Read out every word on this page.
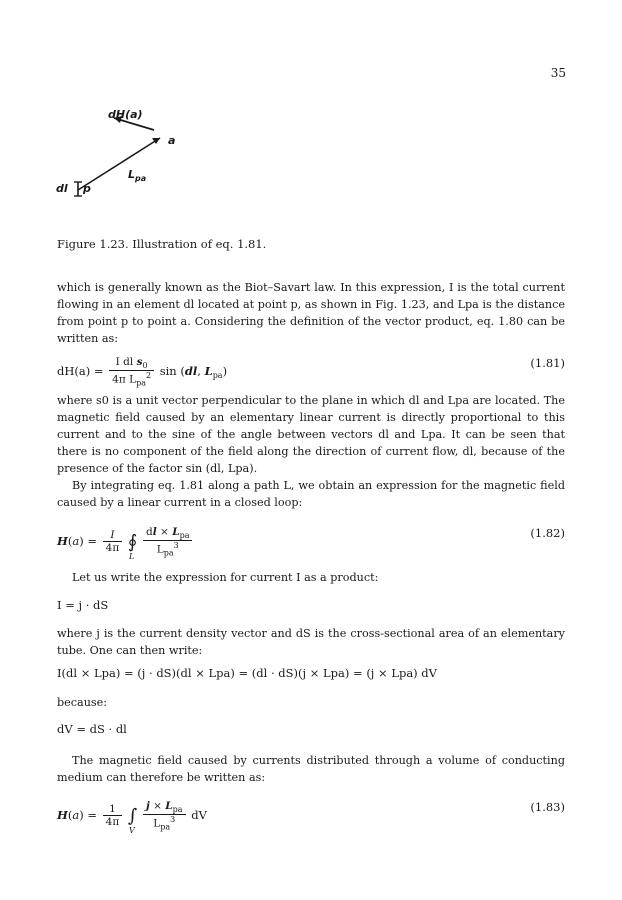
35
dH(a)
a
$L_{pa}$
dl p
Figure 1.23. Illustration of eq. 1.81.
which is generally known as the Biot–Savart law. In this expression, I is the total current flowing in an element dl located at point p, as shown in Fig. 1.23, and Lpa is the distance from point p to point a. Considering the definition of the vector product, eq. 1.80 can be written as:
$dH(a) = \frac{I dl s_0}{4\pi L_{pa}^2}$ sin (dl, $L_{pa}$)
(1.81)
where s0 is a unit vector perpendicular to the plane in which dl and Lpa are located. The magnetic field caused by an elementary linear current is directly proportional to this current and to the sine of the angle between vectors dl and Lpa. It can be seen that there is no component of the field along the direction of current flow, dl, because of the presence of the factor sin (dl, Lpa).
By integrating eq. 1.81 along a path L, we obtain an expression for the magnetic field caused by a linear current in a closed loop:
$H(a) = \frac{I}{4\pi}$ ∮ $\frac{dl \times L_{pa}}{L_{pa}^3}$
L
(1.82)
Let us write the expression for current I as a product:
I = j · dS
where j is the current density vector and dS is the cross-sectional area of an elementary tube. One can then write:
I(dl × Lpa) = (j · dS)(dl × Lpa) = (dl · dS)(j × Lpa) = (j × Lpa) dV
because:
dV = dS · dl
The magnetic field caused by currents distributed through a volume of conducting medium can therefore be written as:
$H(a) = \frac{1}{4\pi}$ ∫ $\frac{j \times L_{pa}}{L_{pa}^3}$ dV
V
(1.83)
